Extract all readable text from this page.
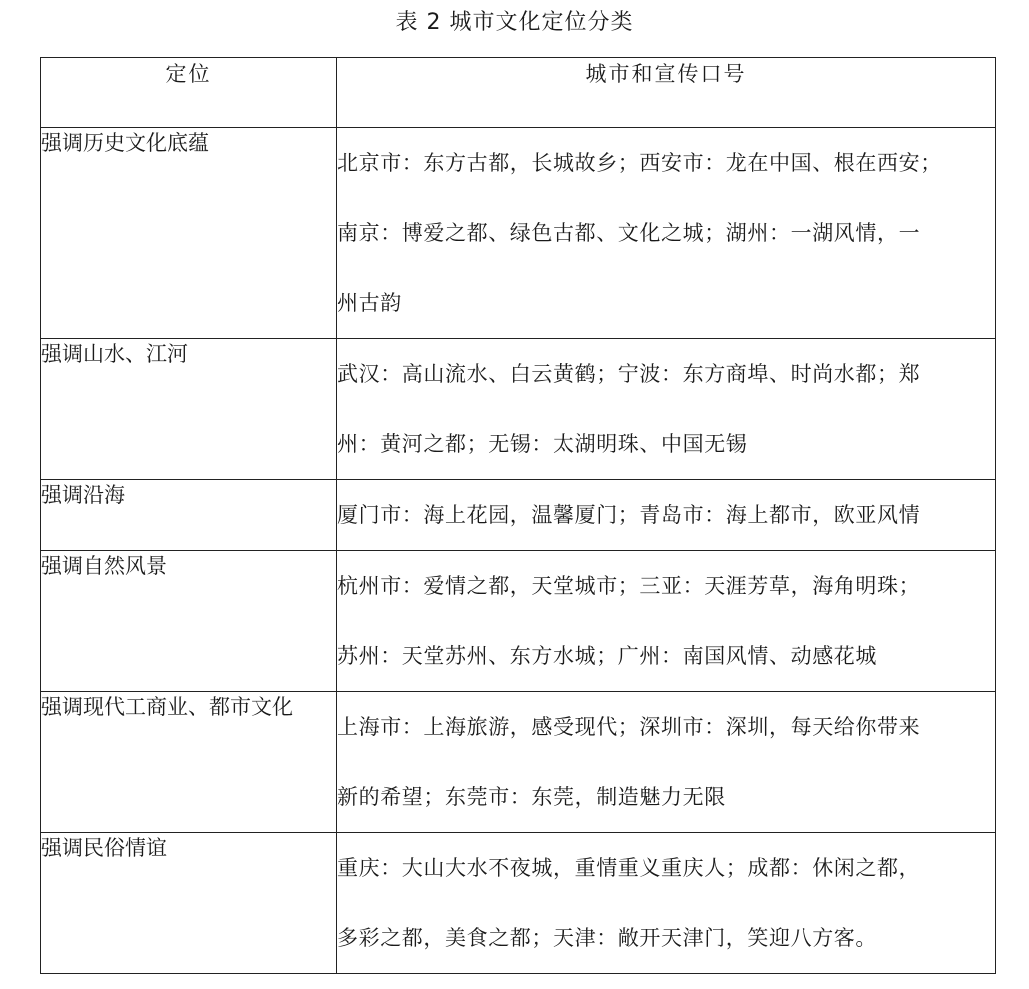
表 2 城市文化定位分类
定位	城市和宣传口号
强调历史文化底蕴	北京市：东方古都，长城故乡；西安市：龙在中国、根在西安；
南京：博爱之都、绿色古都、文化之城；湖州：一湖风情，一
州古韵

强调山水、江河	武汉：高山流水、白云黄鹤；宁波：东方商埠、时尚水都；郑
州：黄河之都；无锡：太湖明珠、中国无锡

强调沿海	厦门市：海上花园，温馨厦门；青岛市：海上都市，欧亚风情

强调自然风景	杭州市：爱情之都，天堂城市；三亚：天涯芳草，海角明珠；
苏州：天堂苏州、东方水城；广州：南国风情、动感花城

强调现代工商业、都市文化	上海市：上海旅游，感受现代；深圳市：深圳，每天给你带来
新的希望；东莞市：东莞，制造魅力无限

强调民俗情谊	重庆：大山大水不夜城，重情重义重庆人；成都：休闲之都，
多彩之都，美食之都；天津：敞开天津门，笑迎八方客。
